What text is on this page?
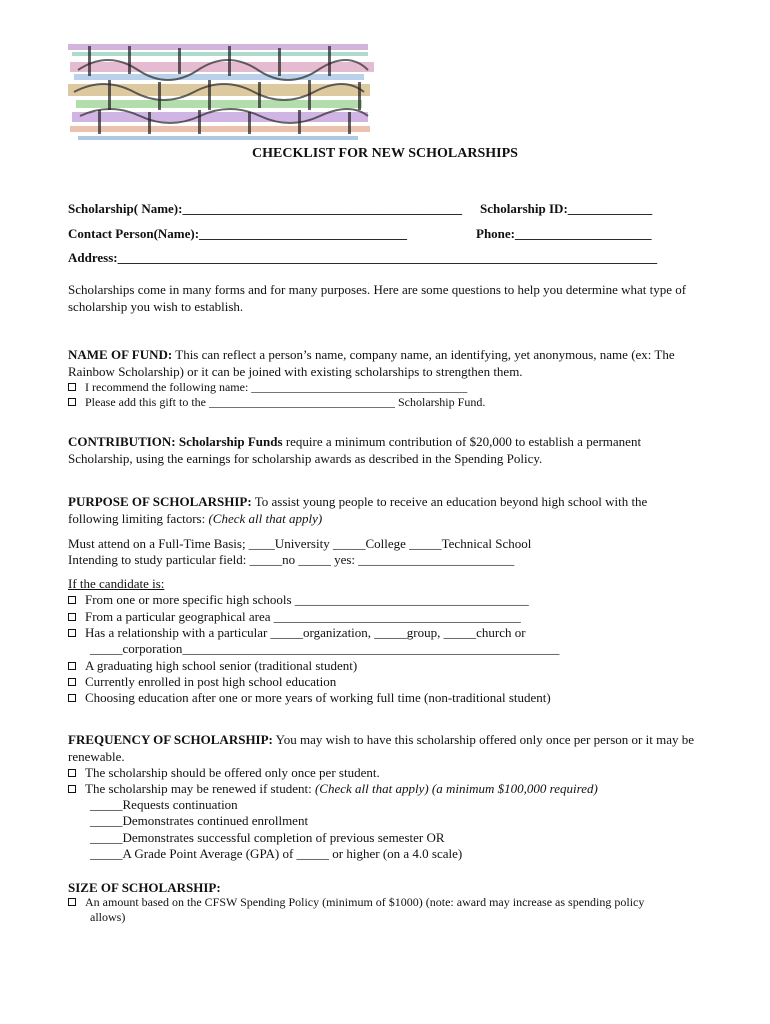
CHECKLIST FOR NEW SCHOLARSHIPS
Scholarship( Name):___________________________________________ Scholarship ID:_____________
Contact Person(Name):________________________________	Phone:_____________________
Address:___________________________________________________________________________________
Scholarships come in many forms and for many purposes. Here are some questions to help you determine what type of scholarship you wish to establish.
NAME OF FUND: This can reflect a person’s name, company name, an identifying, yet anonymous, name (ex: The Rainbow Scholarship) or it can be joined with existing scholarships to strengthen them.
I recommend the following name: ____________________________________
Please add this gift to the _______________________________ Scholarship Fund.
CONTRIBUTION: Scholarship Funds require a minimum contribution of $20,000 to establish a permanent Scholarship, using the earnings for scholarship awards as described in the Spending Policy.
PURPOSE OF SCHOLARSHIP: To assist young people to receive an education beyond high school with the following limiting factors: (Check all that apply)
Must attend on a Full-Time Basis; ____University _____College _____Technical School
Intending to study particular field: _____no _____ yes: ________________________
If the candidate is:
From one or more specific high schools ____________________________________
From a particular geographical area ______________________________________
Has a relationship with a particular _____organization, _____group, _____church or
_____corporation__________________________________________________________
A graduating high school senior (traditional student)
Currently enrolled in post high school education
Choosing education after one or more years of working full time (non-traditional student)
FREQUENCY OF SCHOLARSHIP: You may wish to have this scholarship offered only once per person or it may be renewable.
The scholarship should be offered only once per student.
The scholarship may be renewed if student: (Check all that apply) (a minimum $100,000 required)
_____Requests continuation
_____Demonstrates continued enrollment
_____Demonstrates successful completion of previous semester OR
_____A Grade Point Average (GPA) of _____ or higher (on a 4.0 scale)
SIZE OF SCHOLARSHIP:
An amount based on the CFSW Spending Policy (minimum of $1000) (note: award may increase as spending policy
allows)
